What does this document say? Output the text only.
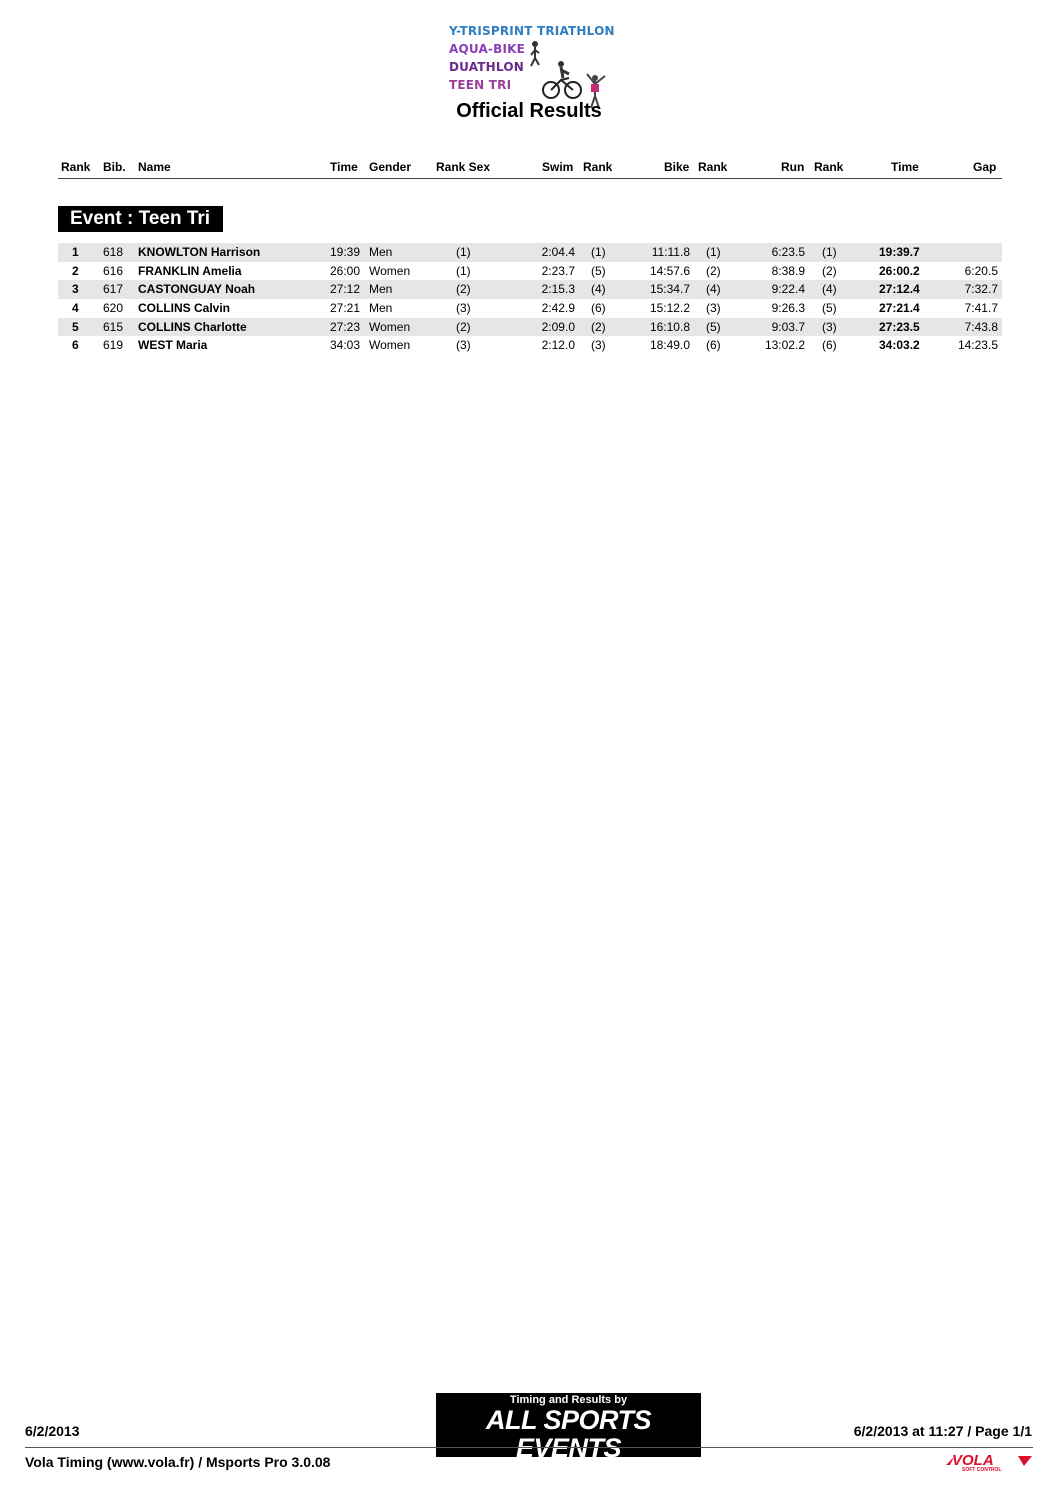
Y-TRISPRINT TRIATHLON
AQUA-BIKE
DUATHLON
TEEN TRI
Official Results
Rank Bib. Name	Time Gender Rank Sex	Swim Rank	Bike Rank	Run Rank	Time	Gap
Event : Teen Tri
1 618 KNOWLTON Harrison	19:39 Men	(1)	2:04.4 (1)	11:11.8 (1)	6:23.5 (1)	19:39.7
2 616 FRANKLIN Amelia	26:00 Women	(1)	2:23.7 (5)	14:57.6 (2)	8:38.9 (2)	26:00.2	6:20.5
3 617 CASTONGUAY Noah	27:12 Men	(2)	2:15.3 (4)	15:34.7 (4)	9:22.4 (4)	27:12.4	7:32.7
4 620 COLLINS Calvin	27:21 Men	(3)	2:42.9 (6)	15:12.2 (3)	9:26.3 (5)	27:21.4	7:41.7
5 615 COLLINS Charlotte	27:23 Women	(2)	2:09.0 (2)	16:10.8 (5)	9:03.7 (3)	27:23.5	7:43.8
6 619 WEST Maria	34:03 Women	(3)	2:12.0 (3)	18:49.0 (6)	13:02.2 (6)	34:03.2	14:23.5
6/2/2013
Timing and Results by
ALL SPORTS EVENTS
TIMING AND EVENT SERVICES
www.allsportsevents.com
6/2/2013 at 11:27 / Page 1/1
Vola Timing (www.vola.fr) / Msports Pro 3.0.08	VOLA
SOFT CONTROL
